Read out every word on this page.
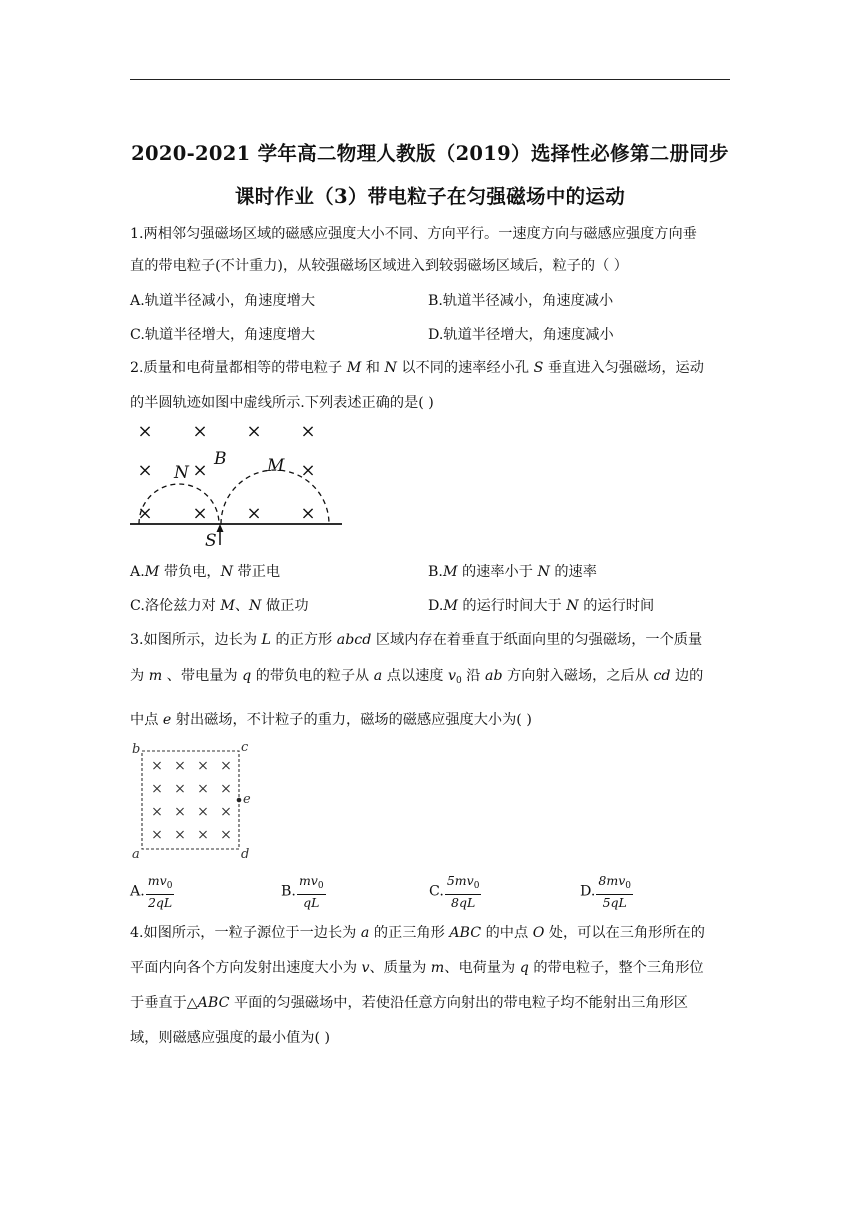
2020-2021 学年高二物理人教版（2019）选择性必修第二册同步
课时作业（3）带电粒子在匀强磁场中的运动
1.两相邻匀强磁场区域的磁感应强度大小不同、方向平行。一速度方向与磁感应强度方向垂
直的带电粒子(不计重力)，从较强磁场区域进入到较弱磁场区域后，粒子的（ ）
A.轨道半径减小，角速度增大	B.轨道半径减小，角速度减小
C.轨道半径增大，角速度增大	D.轨道半径增大，角速度减小
2.质量和电荷量都相等的带电粒子 M 和 N 以不同的速率经小孔 S 垂直进入匀强磁场，运动
的半圆轨迹如图中虚线所示.下列表述正确的是( )
× × × ×
× ×	×
× × × ×
N
B M
S
A.M 带负电，N 带正电	B.M 的速率小于 N 的速率
C.洛伦兹力对 M、N 做正功	D.M 的运行时间大于 N 的运行时间
3.如图所示，边长为 L 的正方形 abcd 区域内存在着垂直于纸面向里的匀强磁场，一个质量
为 m 、带电量为 q 的带负电的粒子从 a 点以速度 $v_0$ 沿 ab 方向射入磁场，之后从 cd 边的
中点 e 射出磁场，不计粒子的重力，磁场的磁感应强度大小为( )
b	c
a	d
e
× × × ×
× × × ×
× × × ×
× × × ×
A. $\frac{mv_0}{2qL}$	B. $\frac{mv_0}{qL}$	C. $\frac{5mv_0}{8qL}$	D. $\frac{8mv_0}{5qL}$
4.如图所示，一粒子源位于一边长为 a 的正三角形 ABC 的中点 O 处，可以在三角形所在的
平面内向各个方向发射出速度大小为 v、质量为 m、电荷量为 q 的带电粒子，整个三角形位
于垂直于△ABC 平面的匀强磁场中，若使沿任意方向射出的带电粒子均不能射出三角形区
域，则磁感应强度的最小值为( )
